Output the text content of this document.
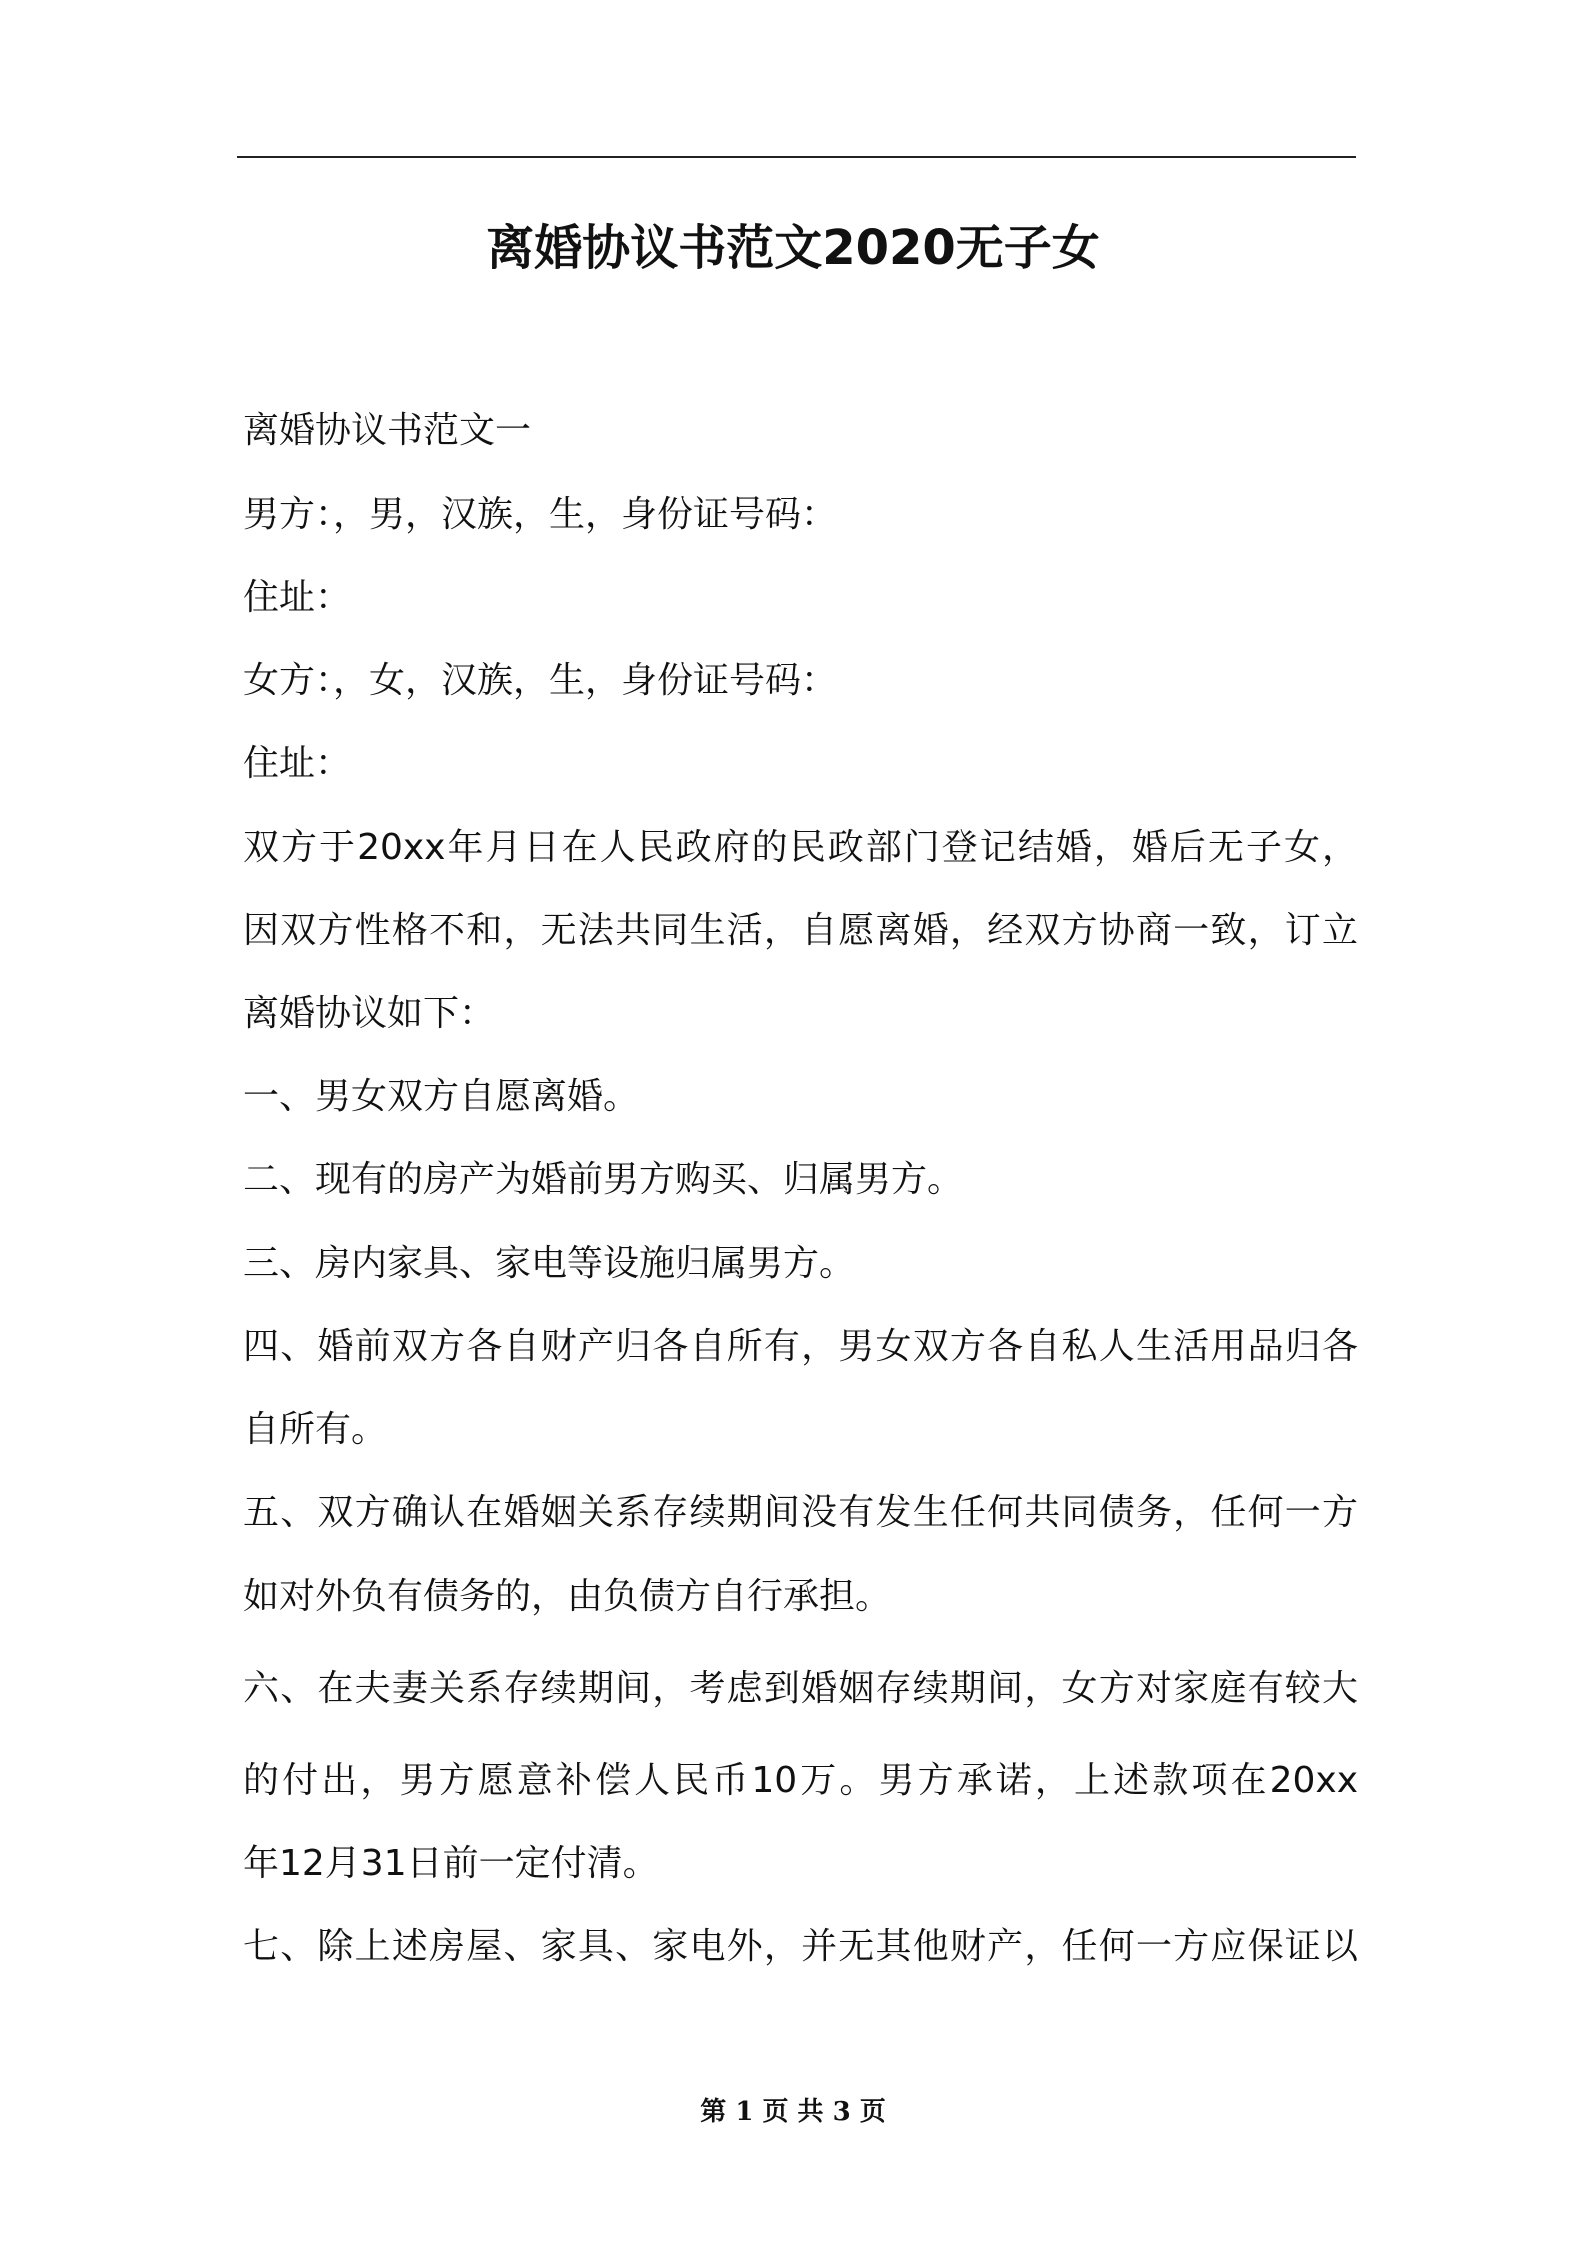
离婚协议书范文2020无子女
离婚协议书范文一
男方：，男，汉族，生，身份证号码：
住址：
女方：，女，汉族，生，身份证号码：
住址：
双方于20xx年月日在人民政府的民政部门登记结婚，婚后无子女，
因双方性格不和，无法共同生活，自愿离婚，经双方协商一致，订立
离婚协议如下：
一、男女双方自愿离婚。
二、现有的房产为婚前男方购买、归属男方。
三、房内家具、家电等设施归属男方。
四、婚前双方各自财产归各自所有，男女双方各自私人生活用品归各
自所有。
五、双方确认在婚姻关系存续期间没有发生任何共同债务，任何一方
如对外负有债务的，由负债方自行承担。
六、在夫妻关系存续期间，考虑到婚姻存续期间，女方对家庭有较大
的付出，男方愿意补偿人民币10万。男方承诺，上述款项在20xx
年12月31日前一定付清。
七、除上述房屋、家具、家电外，并无其他财产，任何一方应保证以
第 1 页 共 3 页
